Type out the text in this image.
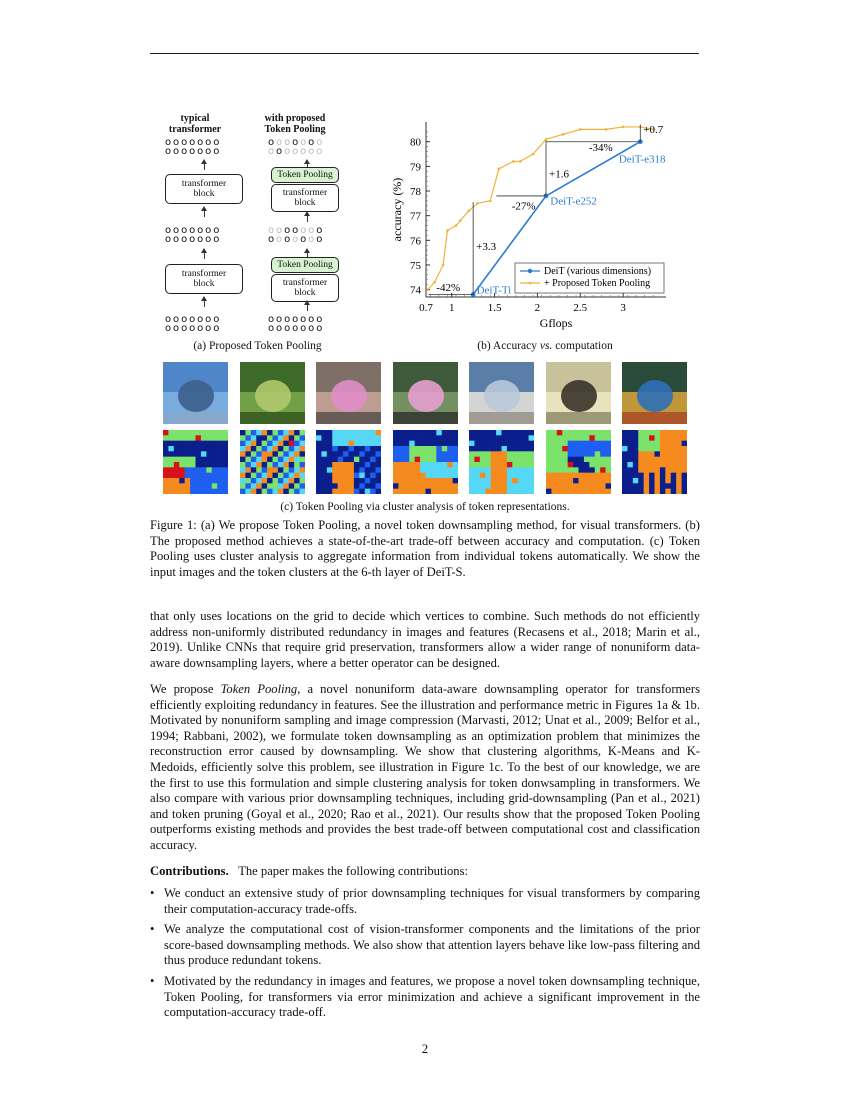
typical transformer
with proposed Token Pooling
ooooooo
ooooooo
transformer block
ooooooo
ooooooo
transformer block
ooooooo
ooooooo
ooooooo
ooooooo
Token Pooling
transformer block
ooooooo
ooooooo
Token Pooling
transformer block
ooooooo
ooooooo
(a) Proposed Token Pooling
74
75
76
77
78
79
80
0.7 1	1.5	2	2.5	3
Gflops
accuracy (%)
+3.3
-42% DeiT-Ti
+1.6
-27% DeiT-e252
+0.7
-34%
DeiT-e318
DeiT (various dimensions)
+ Proposed Token Pooling
(b) Accuracy vs. computation
(c) Token Pooling via cluster analysis of token representations.
Figure 1: (a) We propose Token Pooling, a novel token downsampling method, for visual transformers. (b) The proposed method achieves a state-of-the-art trade-off between accuracy and computation. (c) Token Pooling uses cluster analysis to aggregate information from individual tokens automatically. We show the input images and the token clusters at the 6-th layer of DeiT-S.
that only uses locations on the grid to decide which vertices to combine. Such methods do not efficiently address non-uniformly distributed redundancy in images and features (Recasens et al., 2018; Marin et al., 2019). Unlike CNNs that require grid preservation, transformers allow a wider range of nonuniform data-aware downsampling layers, where a better operator can be designed.
We propose Token Pooling, a novel nonuniform data-aware downsampling operator for transformers efficiently exploiting redundancy in features. See the illustration and performance metric in Figures 1a & 1b. Motivated by nonuniform sampling and image compression (Marvasti, 2012; Unat et al., 2009; Belfor et al., 1994; Rabbani, 2002), we formulate token downsampling as an optimization problem that minimizes the reconstruction error caused by downsampling. We show that clustering algorithms, K-Means and K-Medoids, efficiently solve this problem, see illustration in Figure 1c. To the best of our knowledge, we are the first to use this formulation and simple clustering analysis for token donwsampling in transformers. We also compare with various prior downsampling techniques, including grid-downsampling (Pan et al., 2021) and token pruning (Goyal et al., 2020; Rao et al., 2021). Our results show that the proposed Token Pooling outperforms existing methods and provides the best trade-off between computational cost and classification accuracy.
Contributions. The paper makes the following contributions:
• We conduct an extensive study of prior downsampling techniques for visual transformers by comparing their computation-accuracy trade-offs.
• We analyze the computational cost of vision-transformer components and the limitations of the prior score-based downsampling methods. We also show that attention layers behave like low-pass filtering and thus produce redundant tokens.
• Motivated by the redundancy in images and features, we propose a novel token downsampling technique, Token Pooling, for transformers via error minimization and achieve a significant improvement in the computation-accuracy trade-off.
2
